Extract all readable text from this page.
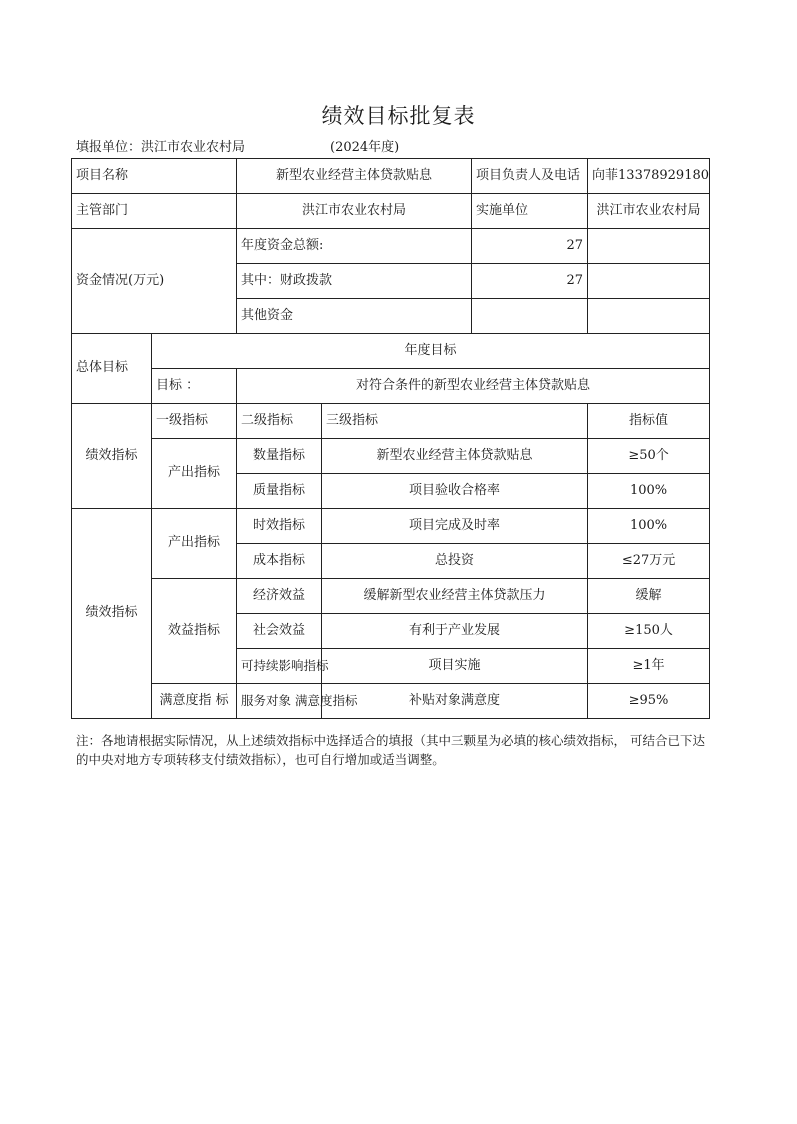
绩效目标批复表
填报单位：洪江市农业农村局	(2024年度)
项目名称		新型农业经营主体贷款贴息		项目负责人及电话	向菲13378929180
主管部门		洪江市农业农村局		实施单位	洪江市农业农村局
资金情况(万元)		年度资金总额:		27	
		其中：财政拨款		27	
		其他资金			
总体目标	年度目标				
	目标 ：	对符合条件的新型农业经营主体贷款贴息			
绩效指标	一级指标	二级指标	三级指标		指标值
	产出指标	数量指标	新型农业经营主体贷款贴息		≥50个
		质量指标	项目验收合格率		100%
绩效指标	产出指标	时效指标	项目完成及时率		100%
		成本指标	总投资		≤27万元
	效益指标	经济效益	缓解新型农业经营主体贷款压力		缓解
		社会效益	有利于产业发展		≥150人
		可持续影响指标	项目实施		≥1年
	满意度指 标	服务对象 满意度指标	补贴对象满意度		≥95%
注：各地请根据实际情况，从上述绩效指标中选择适合的填报（其中三颗星为必填的核心绩效指标， 可结合已下达的中央对地方专项转移支付绩效指标），也可自行增加或适当调整。
